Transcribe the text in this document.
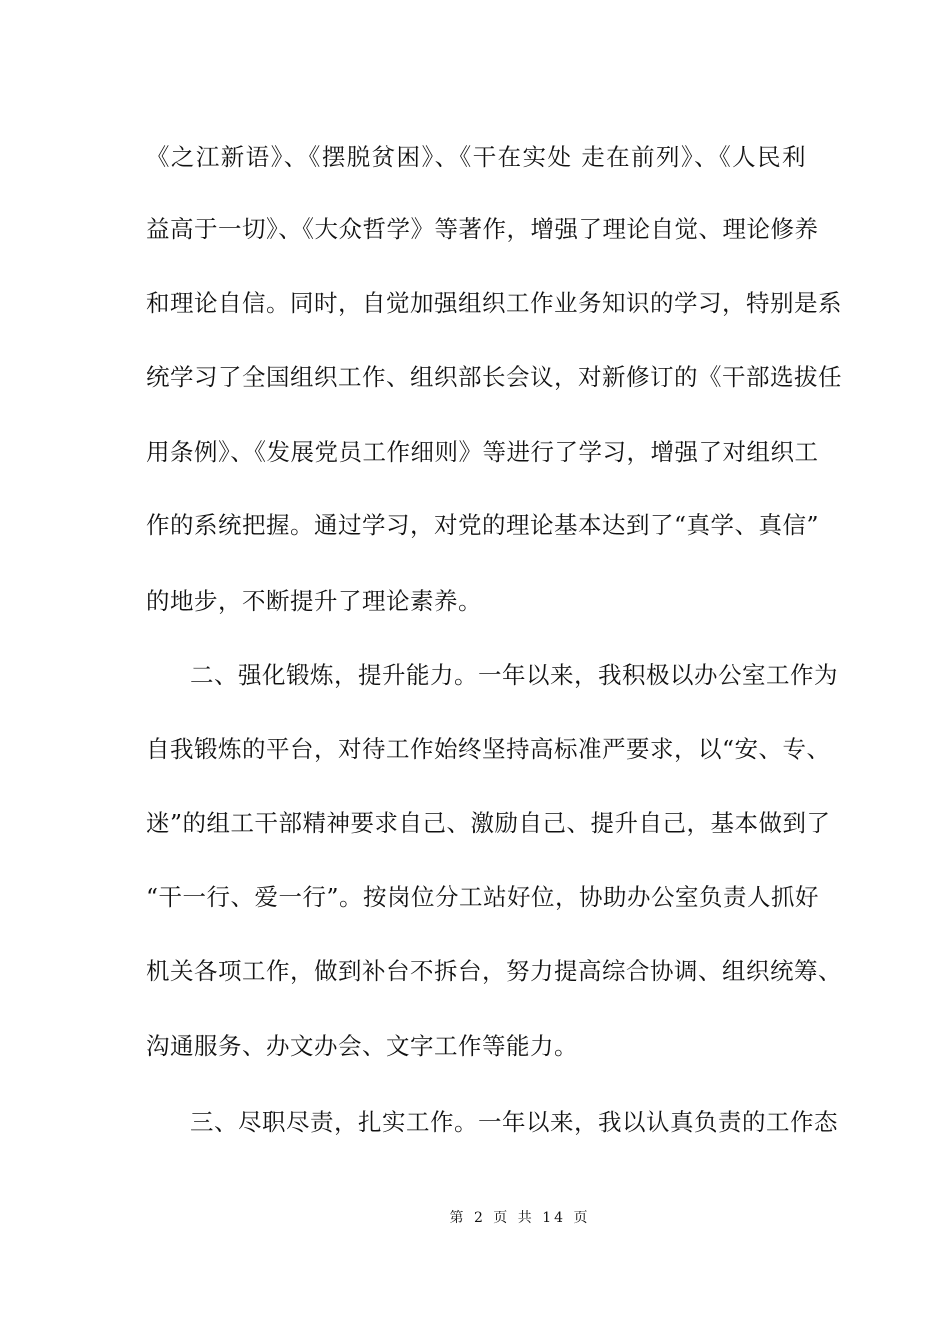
《之江新语》、《摆脱贫困》、《干在实处 走在前列》、《人民利
益高于一切》、《大众哲学》等著作，增强了理论自觉、理论修养
和理论自信。同时，自觉加强组织工作业务知识的学习，特别是系
统学习了全国组织工作、组织部长会议，对新修订的《干部选拔任
用条例》、《发展党员工作细则》等进行了学习，增强了对组织工
作的系统把握。通过学习，对党的理论基本达到了“真学、真信”
的地步，不断提升了理论素养。
二、强化锻炼，提升能力。一年以来，我积极以办公室工作为
自我锻炼的平台，对待工作始终坚持高标准严要求，以“安、专、
迷”的组工干部精神要求自己、激励自己、提升自己，基本做到了
“干一行、爱一行”。按岗位分工站好位，协助办公室负责人抓好
机关各项工作，做到补台不拆台，努力提高综合协调、组织统筹、
沟通服务、办文办会、文字工作等能力。
三、尽职尽责，扎实工作。一年以来，我以认真负责的工作态
第 2 页 共 14 页
